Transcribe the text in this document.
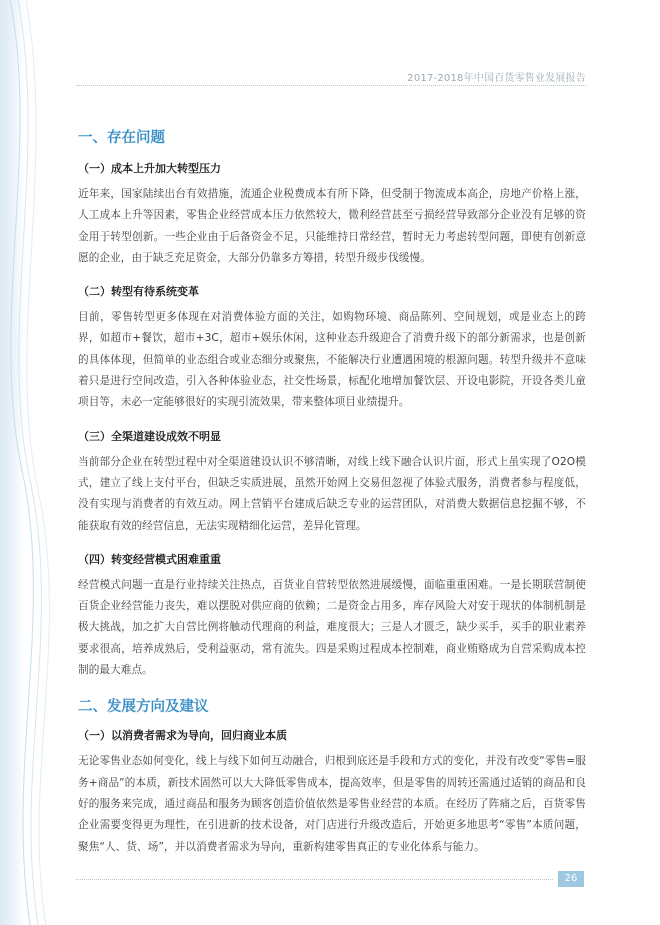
2017-2018年中国百货零售业发展报告
一、存在问题
（一）成本上升加大转型压力

近年来，国家陆续出台有效措施，流通企业税费成本有所下降，但受制于物流成本高企，房地产价格上涨，人工成本上升等因素，零售企业经营成本压力依然较大，微利经营甚至亏损经营导致部分企业没有足够的资金用于转型创新。一些企业由于后备资金不足，只能维持日常经营，暂时无力考虑转型问题，即使有创新意愿的企业，由于缺乏充足资金，大部分仍靠多方筹措，转型升级步伐缓慢。

（二）转型有待系统变革

目前，零售转型更多体现在对消费体验方面的关注，如购物环境、商品陈列、空间规划，或是业态上的跨界，如超市+餐饮，超市+3C，超市+娱乐休闲，这种业态升级迎合了消费升级下的部分新需求，也是创新的具体体现，但简单的业态组合或业态细分或聚焦，不能解决行业遭遇困境的根源问题。转型升级并不意味着只是进行空间改造，引入各种体验业态，社交性场景，标配化地增加餐饮层、开设电影院，开设各类儿童项目等，未必一定能够很好的实现引流效果，带来整体项目业绩提升。

（三）全渠道建设成效不明显

当前部分企业在转型过程中对全渠道建设认识不够清晰，对线上线下融合认识片面，形式上虽实现了O2O模式，建立了线上支付平台，但缺乏实质进展，虽然开始网上交易但忽视了体验式服务，消费者参与程度低，没有实现与消费者的有效互动。网上营销平台建成后缺乏专业的运营团队，对消费大数据信息挖掘不够，不能获取有效的经营信息，无法实现精细化运营，差异化管理。

（四）转变经营模式困难重重

经营模式问题一直是行业持续关注热点，百货业自营转型依然进展缓慢，面临重重困难。一是长期联营制使百货企业经营能力丧失，难以摆脱对供应商的依赖；二是资金占用多，库存风险大对安于现状的体制机制是极大挑战，加之扩大自营比例将触动代理商的利益，难度很大；三是人才匮乏，缺少买手，买手的职业素养要求很高，培养成熟后，受利益驱动，常有流失。四是采购过程成本控制难，商业贿赂成为自营采购成本控制的最大难点。

二、发展方向及建议
（一）以消费者需求为导向，回归商业本质

无论零售业态如何变化，线上与线下如何互动融合，归根到底还是手段和方式的变化，并没有改变“零售=服务+商品”的本质，新技术固然可以大大降低零售成本，提高效率，但是零售的周转还需通过适销的商品和良好的服务来完成，通过商品和服务为顾客创造价值依然是零售业经营的本质。在经历了阵痛之后，百货零售企业需要变得更为理性，在引进新的技术设备，对门店进行升级改造后，开始更多地思考“零售”本质问题，聚焦“人、货、场”，并以消费者需求为导向，重新构建零售真正的专业化体系与能力。

26
